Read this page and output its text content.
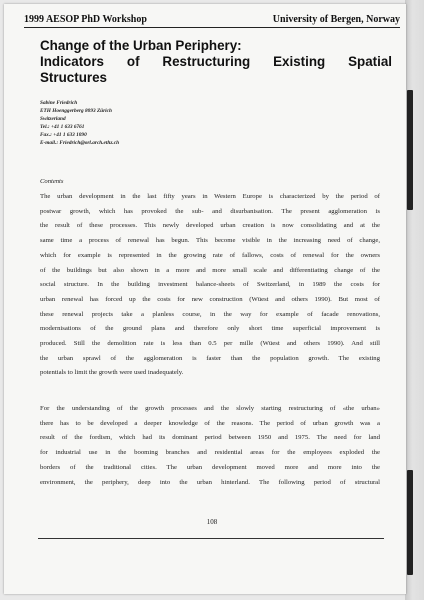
1999 AESOP PhD Workshop	University of Bergen, Norway
Change of the Urban Periphery:
Indicators of Restructuring Existing Spatial
Structures
Sabine Friedrich
ETH Hoenggerberg 8093 Zürich
Switzerland
Tel.: +41 1 633 6761
Fax.: +41 1 633 1090
E-mail.: Friedrich@orl.arch.ethz.ch
Contents
The urban development in the last fifty years in Western Europe is characterized by the period of
postwar growth, which has provoked the sub- and disurbanisation. The present agglomeration is
the result of these processes. This newly developed urban creation is now consolidating and at the
same time a process of renewal has begun. This become visible in the increasing need of change,
which for example is represented in the growing rate of fallows, costs of renewal for the owners
of the buildings but also shown in a more and more small scale and differentiating change of the
social structure. In the building investment balance-sheets of Switzerland, in 1989 the costs for
urban renewal has forced up the costs for new construction (Wüest and others 1990). But most of
these renewal projects take a planless course, in the way for example of facade renovations,
modernisations of the ground plans and therefore only short time superficial improvement is
produced. Still the demolition rate is less than 0.5 per mille (Wüest and others 1990). And still
the urban sprawl of the agglomeration is faster than the population growth. The existing
potentials to limit the growth were used inadequately.
For the understanding of the growth processes and the slowly starting restructuring of «the urban»
there has to be developed a deeper knowledge of the reasons. The period of urban growth was a
result of the fordism, which had its dominant period between 1950 and 1975. The need for land
for industrial use in the booming branches and residential areas for the employees exploded the
borders of the traditional cities. The urban development moved more and more into the
environment, the periphery, deep into the urban hinterland. The following period of structural
108
